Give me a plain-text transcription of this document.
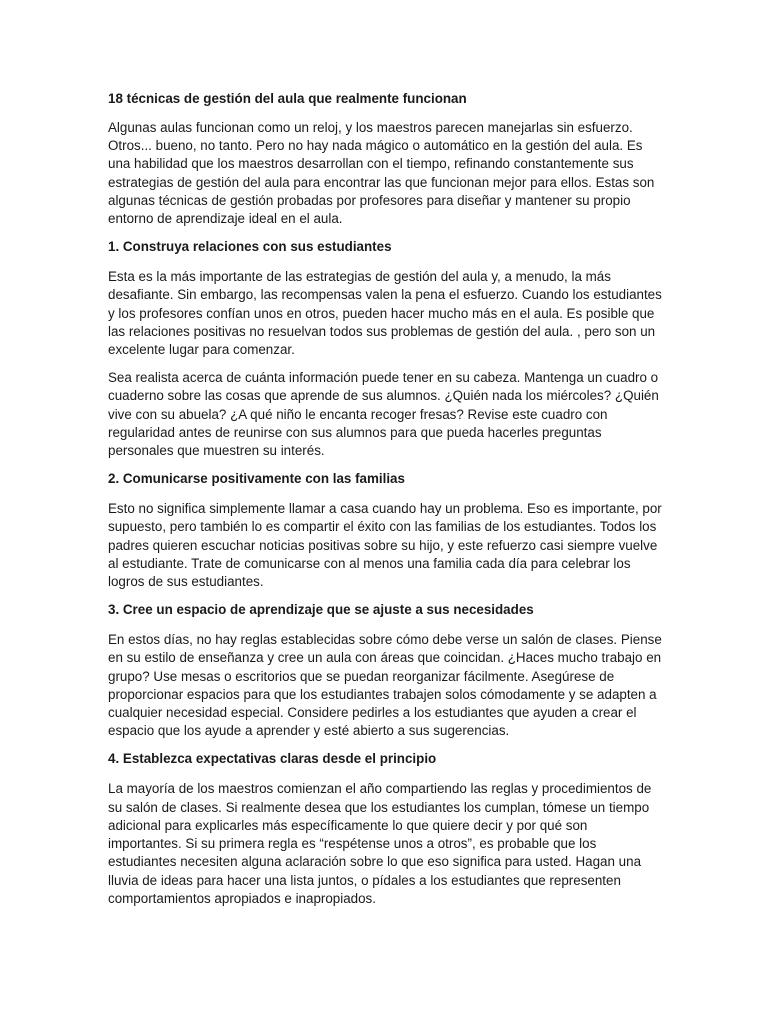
18 técnicas de gestión del aula que realmente funcionan

Algunas aulas funcionan como un reloj, y los maestros parecen manejarlas sin esfuerzo. Otros... bueno, no tanto. Pero no hay nada mágico o automático en la gestión del aula. Es una habilidad que los maestros desarrollan con el tiempo, refinando constantemente sus estrategias de gestión del aula para encontrar las que funcionan mejor para ellos. Estas son algunas técnicas de gestión probadas por profesores para diseñar y mantener su propio entorno de aprendizaje ideal en el aula.

1. Construya relaciones con sus estudiantes

Esta es la más importante de las estrategias de gestión del aula y, a menudo, la más desafiante. Sin embargo, las recompensas valen la pena el esfuerzo. Cuando los estudiantes y los profesores confían unos en otros, pueden hacer mucho más en el aula. Es posible que las relaciones positivas no resuelvan todos sus problemas de gestión del aula. , pero son un excelente lugar para comenzar.

Sea realista acerca de cuánta información puede tener en su cabeza. Mantenga un cuadro o cuaderno sobre las cosas que aprende de sus alumnos. ¿Quién nada los miércoles? ¿Quién vive con su abuela? ¿A qué niño le encanta recoger fresas? Revise este cuadro con regularidad antes de reunirse con sus alumnos para que pueda hacerles preguntas personales que muestren su interés.

2. Comunicarse positivamente con las familias

Esto no significa simplemente llamar a casa cuando hay un problema. Eso es importante, por supuesto, pero también lo es compartir el éxito con las familias de los estudiantes. Todos los padres quieren escuchar noticias positivas sobre su hijo, y este refuerzo casi siempre vuelve al estudiante. Trate de comunicarse con al menos una familia cada día para celebrar los logros de sus estudiantes.

3. Cree un espacio de aprendizaje que se ajuste a sus necesidades

En estos días, no hay reglas establecidas sobre cómo debe verse un salón de clases. Piense en su estilo de enseñanza y cree un aula con áreas que coincidan. ¿Haces mucho trabajo en grupo? Use mesas o escritorios que se puedan reorganizar fácilmente. Asegúrese de proporcionar espacios para que los estudiantes trabajen solos cómodamente y se adapten a cualquier necesidad especial. Considere pedirles a los estudiantes que ayuden a crear el espacio que los ayude a aprender y esté abierto a sus sugerencias.

4. Establezca expectativas claras desde el principio

La mayoría de los maestros comienzan el año compartiendo las reglas y procedimientos de su salón de clases. Si realmente desea que los estudiantes los cumplan, tómese un tiempo adicional para explicarles más específicamente lo que quiere decir y por qué son importantes. Si su primera regla es “respétense unos a otros”, es probable que los estudiantes necesiten alguna aclaración sobre lo que eso significa para usted. Hagan una lluvia de ideas para hacer una lista juntos, o pídales a los estudiantes que representen comportamientos apropiados e inapropiados.
